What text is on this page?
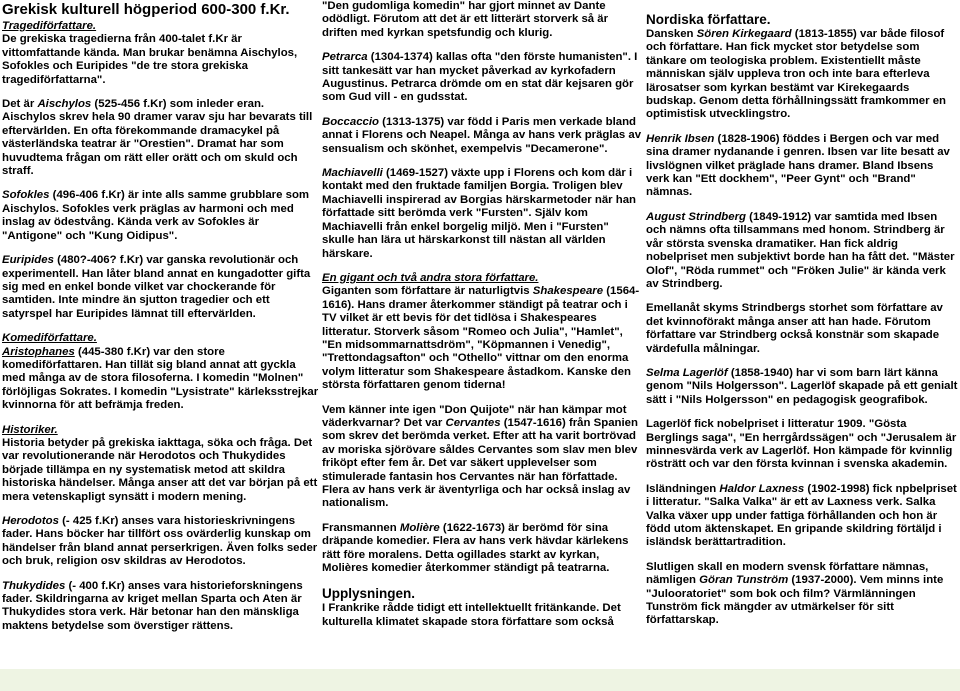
Grekisk kulturell högperiod 600-300 f.Kr.
Tragediförfattare.

De grekiska tragedierna från 400-talet f.Kr är vittomfattande kända. Man brukar benämna Aischylos, Sofokles och Euripides "de tre stora grekiska tragediförfattarna".

Det är Aischylos (525-456 f.Kr) som inleder eran. Aischylos skrev hela 90 dramer varav sju har bevarats till eftervärlden. En ofta förekommande dramacykel på västerländska teatrar är "Orestien". Dramat har som huvudtema frågan om rätt eller orätt och om skuld och straff.

Sofokles (496-406 f.Kr) är inte alls samme grubblare som Aischylos. Sofokles verk präglas av harmoni och med inslag av ödestvång. Kända verk av Sofokles är "Antigone" och "Kung Oidipus".

Euripides (480?-406? f.Kr) var ganska revolutionär och experimentell. Han låter bland annat en kungadotter gifta sig med en enkel bonde vilket var chockerande för samtiden. Inte mindre än sjutton tragedier och ett satyrspel har Euripides lämnat till eftervärlden.

Komediförfattare.

Aristophanes (445-380 f.Kr) var den store komediförfattaren. Han tillät sig bland annat att gyckla med många av de stora filosoferna. I komedin "Molnen" förlöjligas Sokrates. I komedin "Lysistrate" kärleksstrejkar kvinnorna för att befrämja freden.

Historiker.

Historia betyder på grekiska iakttaga, söka och fråga. Det var revolutionerande när Herodotos och Thukydides började tillämpa en ny systematisk metod att skildra historiska händelser. Många anser att det var början på ett mera vetenskapligt synsätt i modern mening.

Herodotos (- 425 f.Kr) anses vara historieskrivningens fader. Hans böcker har tillfört oss ovärderlig kunskap om händelser från bland annat perserkrigen. Även folks seder och bruk, religion osv skildras av Herodotos.

Thukydides (- 400 f.Kr) anses vara historieforskningens fader. Skildringarna av kriget mellan Sparta och Aten är Thukydides stora verk. Här betonar han den mänskliga maktens betydelse som överstiger rättens.

"Den gudomliga komedin" har gjort minnet av Dante odödligt. Förutom att det är ett litterärt storverk så är driften med kyrkan spetsfundig och klurig.

Petrarca (1304-1374) kallas ofta "den förste humanisten". I sitt tankesätt var han mycket påverkad av kyrkofadern Augustinus. Petrarca drömde om en stat där kejsaren gör som Gud vill - en gudsstat.

Boccaccio (1313-1375) var född i Paris men verkade bland annat i Florens och Neapel. Många av hans verk präglas av sensualism och skönhet, exempelvis "Decamerone".

Machiavelli (1469-1527) växte upp i Florens och kom där i kontakt med den fruktade familjen Borgia. Troligen blev Machiavelli inspirerad av Borgias härskarmetoder när han författade sitt berömda verk "Fursten". Själv kom Machiavelli från enkel borgelig miljö. Men i "Fursten" skulle han lära ut härskarkonst till nästan all världen härskare.

En gigant och två andra stora författare.

Giganten som författare är naturligtvis Shakespeare (1564-1616). Hans dramer återkommer ständigt på teatrar och i TV vilket är ett bevis för det tidlösa i Shakespeares litteratur. Storverk såsom "Romeo och Julia", "Hamlet", "En midsommarnattsdröm", "Köpmannen i Venedig", "Trettondagsafton" och "Othello" vittnar om den enorma volym litteratur som Shakespeare åstadkom. Kanske den största författaren genom tiderna!

Vem känner inte igen "Don Quijote" när han kämpar mot väderkvarnar? Det var Cervantes (1547-1616) från Spanien som skrev det berömda verket. Efter att ha varit bortrövad av moriska sjörövare såldes Cervantes som slav men blev friköpt efter fem år. Det var säkert upplevelser som stimulerade fantasin hos Cervantes när han författade. Flera av hans verk är äventyrliga och har också inslag av nationalism.

Fransmannen Molière (1622-1673) är berömd för sina dräpande komedier. Flera av hans verk hävdar kärlekens rätt före moralens. Detta ogillades starkt av kyrkan, Molières komedier återkommer ständigt på teatrarna.

Upplysningen.

I Frankrike rådde tidigt ett intellektuellt fritänkande. Det kulturella klimatet skapade stora författare som också

Nordiska författare.

Dansken Sören Kirkegaard (1813-1855) var både filosof och författare. Han fick mycket stor betydelse som tänkare om teologiska problem. Existentiellt måste människan själv uppleva tron och inte bara efterleva lärosatser som kyrkan bestämt var Kirekegaards budskap. Genom detta förhållningssätt framkommer en optimistisk utvecklingstro.

Henrik Ibsen (1828-1906) föddes i Bergen och var med sina dramer nydanande i genren. Ibsen var lite besatt av livslögnen vilket präglade hans dramer. Bland Ibsens verk kan "Ett dockhem", "Peer Gynt" och "Brand" nämnas.

August Strindberg (1849-1912) var samtida med Ibsen och nämns ofta tillsammans med honom. Strindberg är vår största svenska dramatiker. Han fick aldrig nobelpriset men subjektivt borde han ha fått det. "Mäster Olof", "Röda rummet" och "Fröken Julie" är kända verk av Strindberg.

Emellanåt skyms Strindbergs storhet som författare av det kvinnoförakt många anser att han hade. Förutom författare var Strindberg också konstnär som skapade värdefulla målningar.

Selma Lagerlöf (1858-1940) har vi som barn lärt känna genom "Nils Holgersson". Lagerlöf skapade på ett genialt sätt i "Nils Holgersson" en pedagogisk geografibok.

Lagerlöf fick nobelpriset i litteratur 1909. "Gösta Berglings saga", "En herrgårdssägen" och "Jerusalem är minnesvärda verk av Lagerlöf. Hon kämpade för kvinnlig rösträtt och var den första kvinnan i svenska akademin.

Isländningen Haldor Laxness (1902-1998) fick npbelpriset i litteratur. "Salka Valka" är ett av Laxness verk. Salka Valka växer upp under fattiga förhållanden och hon är född utom äktenskapet. En gripande skildring förtäljd i isländsk berättartradition.

Slutligen skall en modern svensk författare nämnas, nämligen Göran Tunström (1937-2000). Vem minns inte "Julooratoriet" som bok och film? Värmlänningen Tunström fick mängder av utmärkelser för sitt författarskap.
